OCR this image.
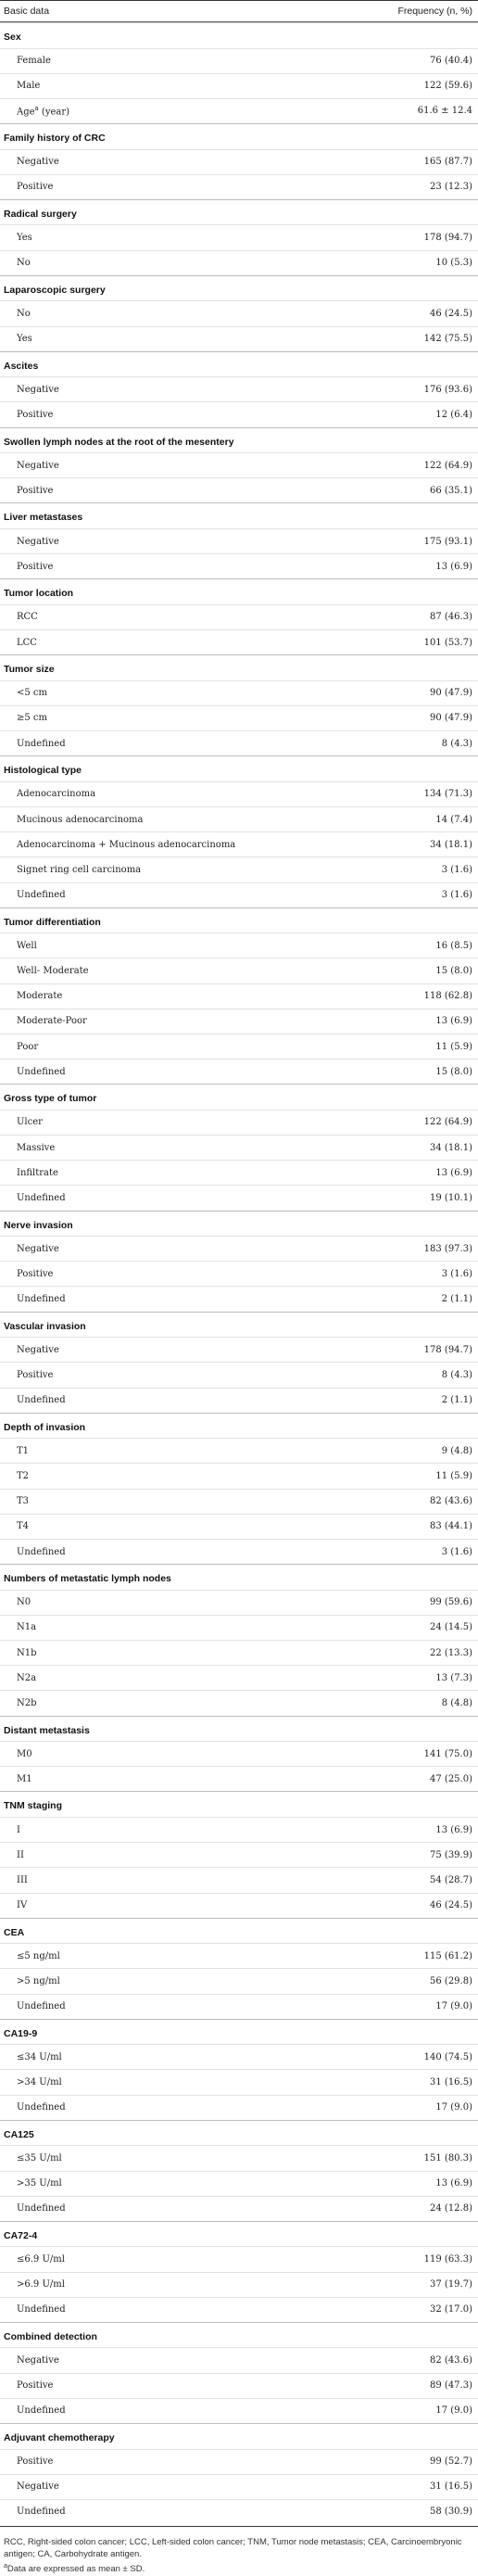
Basic data	Frequency (n, %)
Sex
Female	76 (40.4)
Male	122 (59.6)
Age$^a$ (year)	61.6 ± 12.4
Family history of CRC
Negative	165 (87.7)
Positive	23 (12.3)
Radical surgery
Yes	178 (94.7)
No	10 (5.3)
Laparoscopic surgery
No	46 (24.5)
Yes	142 (75.5)
Ascites
Negative	176 (93.6)
Positive	12 (6.4)
Swollen lymph nodes at the root of the mesentery
Negative	122 (64.9)
Positive	66 (35.1)
Liver metastases
Negative	175 (93.1)
Positive	13 (6.9)
Tumor location
RCC	87 (46.3)
LCC	101 (53.7)
Tumor size
<5 cm	90 (47.9)
≥5 cm	90 (47.9)
Undefined	8 (4.3)
Histological type
Adenocarcinoma	134 (71.3)
Mucinous adenocarcinoma	14 (7.4)
Adenocarcinoma + Mucinous adenocarcinoma	34 (18.1)
Signet ring cell carcinoma	3 (1.6)
Undefined	3 (1.6)
Tumor differentiation
Well	16 (8.5)
Well- Moderate	15 (8.0)
Moderate	118 (62.8)
Moderate-Poor	13 (6.9)
Poor	11 (5.9)
Undefined	15 (8.0)
Gross type of tumor
Ulcer	122 (64.9)
Massive	34 (18.1)
Infiltrate	13 (6.9)
Undefined	19 (10.1)
Nerve invasion
Negative	183 (97.3)
Positive	3 (1.6)
Undefined	2 (1.1)
Vascular invasion
Negative	178 (94.7)
Positive	8 (4.3)
Undefined	2 (1.1)
Depth of invasion
T1	9 (4.8)
T2	11 (5.9)
T3	82 (43.6)
T4	83 (44.1)
Undefined	3 (1.6)
Numbers of metastatic lymph nodes
N0	99 (59.6)
N1a	24 (14.5)
N1b	22 (13.3)
N2a	13 (7.3)
N2b	8 (4.8)
Distant metastasis
M0	141 (75.0)
M1	47 (25.0)
TNM staging
I	13 (6.9)
II	75 (39.9)
III	54 (28.7)
IV	46 (24.5)
CEA
≤5 ng/ml	115 (61.2)
>5 ng/ml	56 (29.8)
Undefined	17 (9.0)
CA19-9
≤34 U/ml	140 (74.5)
>34 U/ml	31 (16.5)
Undefined	17 (9.0)
CA125
≤35 U/ml	151 (80.3)
>35 U/ml	13 (6.9)
Undefined	24 (12.8)
CA72-4
≤6.9 U/ml	119 (63.3)
>6.9 U/ml	37 (19.7)
Undefined	32 (17.0)
Combined detection
Negative	82 (43.6)
Positive	89 (47.3)
Undefined	17 (9.0)
Adjuvant chemotherapy
Positive	99 (52.7)
Negative	31 (16.5)
Undefined	58 (30.9)
RCC, Right-sided colon cancer; LCC, Left-sided colon cancer; TNM, Tumor node metastasis; CEA, Carcinoembryonic antigen; CA, Carbohydrate antigen.
$^a$Data are expressed as mean ± SD.
